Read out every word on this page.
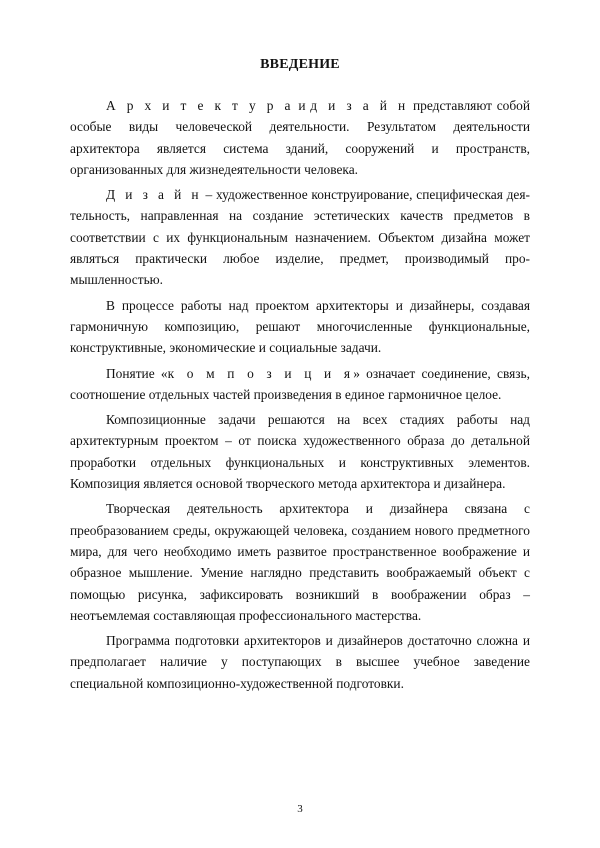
ВВЕДЕНИЕ

А р х и т е к т у р а и д и з а й н представляют собой особые виды человеческой деятельности. Результатом деятельности архитектора является система зданий, сооружений и пространств, организованных для жизнедеятельности человека.

Д и з а й н – художественное конструирование, специфическая деятельность, направленная на создание эстетических качеств предметов в соответствии с их функциональным назначением. Объектом дизайна может являться практически любое изделие, предмет, производимый промышленностью.

В процессе работы над проектом архитекторы и дизайнеры, создавая гармоничную композицию, решают многочисленные функциональные, конструктивные, экономические и социальные задачи.

Понятие «к о м п о з и ц и я» означает соединение, связь, соотношение отдельных частей произведения в единое гармоничное целое.

Композиционные задачи решаются на всех стадиях работы над архитектурным проектом – от поиска художественного образа до детальной проработки отдельных функциональных и конструктивных элементов. Композиция является основой творческого метода архитектора и дизайнера.

Творческая деятельность архитектора и дизайнера связана с преобразованием среды, окружающей человека, созданием нового предметного мира, для чего необходимо иметь развитое пространственное воображение и образное мышление. Умение наглядно представить воображаемый объект с помощью рисунка, зафиксировать возникший в воображении образ – неотъемлемая составляющая профессионального мастерства.

Программа подготовки архитекторов и дизайнеров достаточно сложна и предполагает наличие у поступающих в высшее учебное заведение специальной композиционно-художественной подготовки.

3
